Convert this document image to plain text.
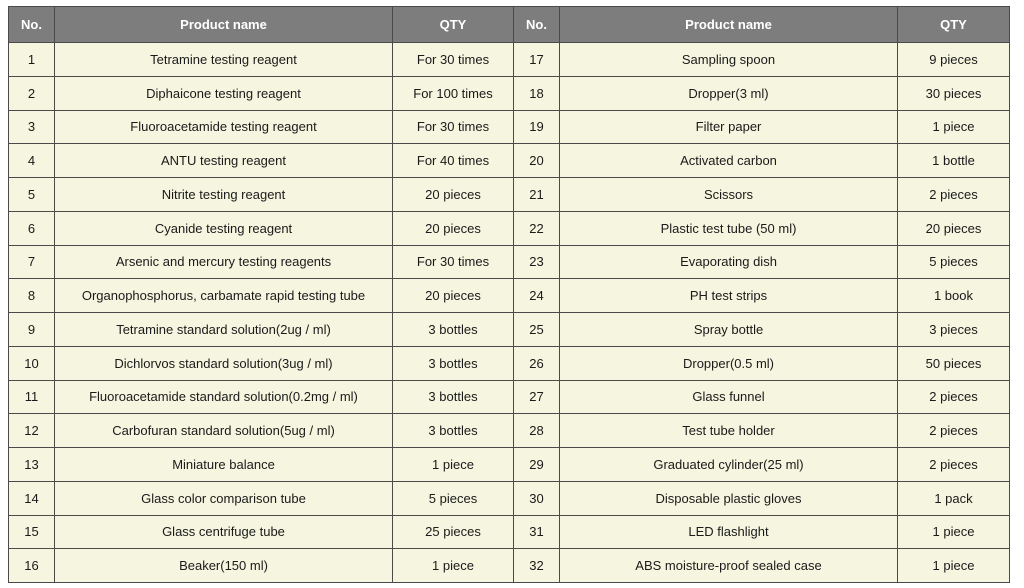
No.	Product name	QTY	No.	Product name	QTY
1	Tetramine testing reagent	For 30 times	17	Sampling spoon	9 pieces
2	Diphaicone testing reagent	For 100 times	18	Dropper(3 ml)	30 pieces
3	Fluoroacetamide testing reagent	For 30 times	19	Filter paper	1 piece
4	ANTU testing reagent	For 40 times	20	Activated carbon	1 bottle
5	Nitrite testing reagent	20 pieces	21	Scissors	2 pieces
6	Cyanide testing reagent	20 pieces	22	Plastic test tube (50 ml)	20 pieces
7	Arsenic and mercury testing reagents	For 30 times	23	Evaporating dish	5 pieces
8	Organophosphorus, carbamate rapid testing tube	20 pieces	24	PH test strips	1 book
9	Tetramine standard solution(2ug / ml)	3 bottles	25	Spray bottle	3 pieces
10	Dichlorvos standard solution(3ug / ml)	3 bottles	26	Dropper(0.5 ml)	50 pieces
11	Fluoroacetamide standard solution(0.2mg / ml)	3 bottles	27	Glass funnel	2 pieces
12	Carbofuran standard solution(5ug / ml)	3 bottles	28	Test tube holder	2 pieces
13	Miniature balance	1 piece	29	Graduated cylinder(25 ml)	2 pieces
14	Glass color comparison tube	5 pieces	30	Disposable plastic gloves	1 pack
15	Glass centrifuge tube	25 pieces	31	LED flashlight	1 piece
16	Beaker(150 ml)	1 piece	32	ABS moisture-proof sealed case	1 piece
